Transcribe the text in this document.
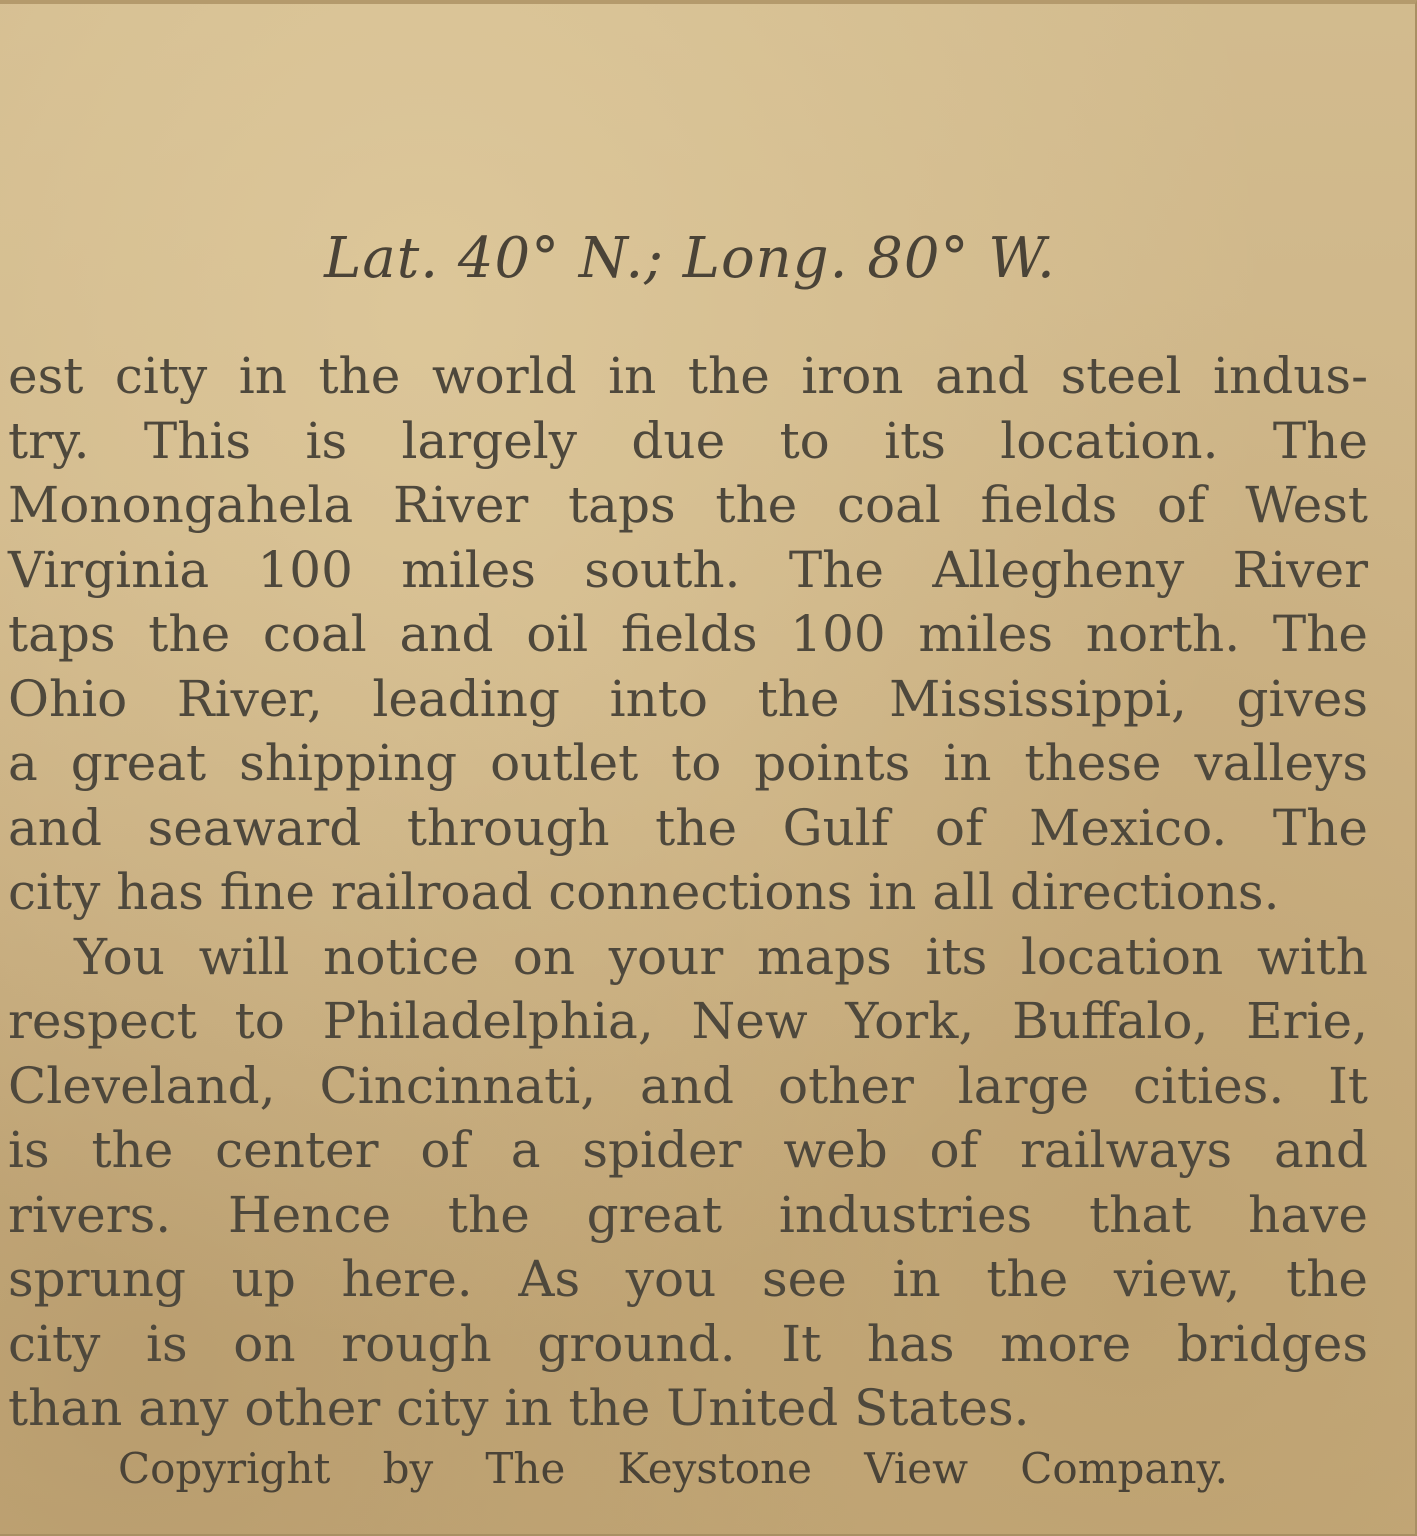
Lat. 40° N.; Long. 80° W.
est city in the world in the iron and steel indus-
try. This is largely due to its location. The
Monongahela River taps the coal fields of West
Virginia 100 miles south. The Allegheny River
taps the coal and oil fields 100 miles north. The
Ohio River, leading into the Mississippi, gives
a great shipping outlet to points in these valleys
and seaward through the Gulf of Mexico. The
city has fine railroad connections in all directions.
You will notice on your maps its location with
respect to Philadelphia, New York, Buffalo, Erie,
Cleveland, Cincinnati, and other large cities. It
is the center of a spider web of railways and
rivers. Hence the great industries that have
sprung up here. As you see in the view, the
city is on rough ground. It has more bridges
than any other city in the United States.
Copyright by The Keystone View Company.
